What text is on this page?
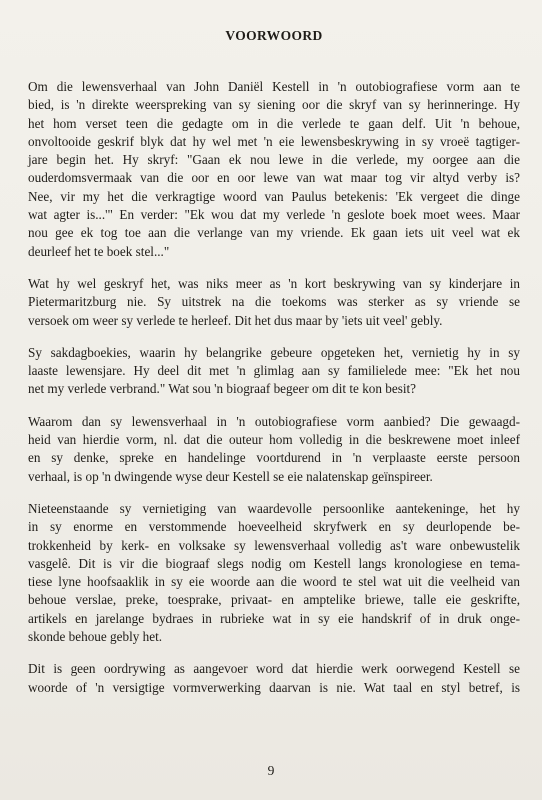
VOORWOORD

Om die lewensverhaal van John Daniël Kestell in 'n outobiografiese vorm aan te
bied, is 'n direkte weerspreking van sy siening oor die skryf van sy herinneringe. Hy
het hom verset teen die gedagte om in die verlede te gaan delf. Uit 'n behoue,
onvoltooide geskrif blyk dat hy wel met 'n eie lewensbeskrywing in sy vroeë tagtiger-
jare begin het. Hy skryf: "Gaan ek nou lewe in die verlede, my oorgee aan die
ouderdomsvermaak van die oor en oor lewe van wat maar tog vir altyd verby is?
Nee, vir my het die verkragtige woord van Paulus betekenis: 'Ek vergeet die dinge
wat agter is...'" En verder: "Ek wou dat my verlede 'n geslote boek moet wees. Maar
nou gee ek tog toe aan die verlange van my vriende. Ek gaan iets uit veel wat ek
deurleef het te boek stel..."

Wat hy wel geskryf het, was niks meer as 'n kort beskrywing van sy kinderjare in
Pietermaritzburg nie. Sy uitstrek na die toekoms was sterker as sy vriende se
versoek om weer sy verlede te herleef. Dit het dus maar by 'iets uit veel' gebly.

Sy sakdagboekies, waarin hy belangrike gebeure opgeteken het, vernietig hy in sy
laaste lewensjare. Hy deel dit met 'n glimlag aan sy familielede mee: "Ek het nou
net my verlede verbrand." Wat sou 'n biograaf begeer om dit te kon besit?

Waarom dan sy lewensverhaal in 'n outobiografiese vorm aanbied? Die gewaagd-
heid van hierdie vorm, nl. dat die outeur hom volledig in die beskrewene moet inleef
en sy denke, spreke en handelinge voortdurend in 'n verplaaste eerste persoon
verhaal, is op 'n dwingende wyse deur Kestell se eie nalatenskap geïnspireer.

Nieteenstaande sy vernietiging van waardevolle persoonlike aantekeninge, het hy
in sy enorme en verstommende hoeveelheid skryfwerk en sy deurlopende be-
trokkenheid by kerk- en volksake sy lewensverhaal volledig as't ware onbewustelik
vasgelê. Dit is vir die biograaf slegs nodig om Kestell langs kronologiese en tema-
tiese lyne hoofsaaklik in sy eie woorde aan die woord te stel wat uit die veelheid van
behoue verslae, preke, toesprake, privaat- en amptelike briewe, talle eie geskrifte,
artikels en jarelange bydraes in rubrieke wat in sy eie handskrif of in druk onge-
skonde behoue gebly het.

Dit is geen oordrywing as aangevoer word dat hierdie werk oorwegend Kestell se
woorde of 'n versigtige vormverwerking daarvan is nie. Wat taal en styl betref, is

9
